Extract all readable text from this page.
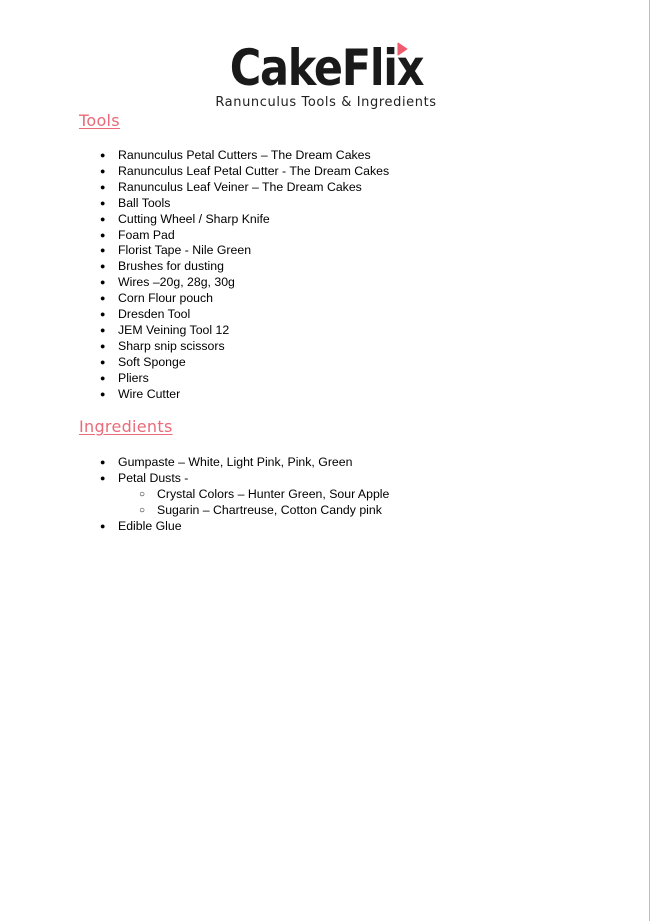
CakeFlix
Ranunculus Tools & Ingredients
Tools
● Ranunculus Petal Cutters – The Dream Cakes
● Ranunculus Leaf Petal Cutter - The Dream Cakes
● Ranunculus Leaf Veiner – The Dream Cakes
● Ball Tools
● Cutting Wheel / Sharp Knife
● Foam Pad
● Florist Tape - Nile Green
● Brushes for dusting
● Wires –20g, 28g, 30g
● Corn Flour pouch
● Dresden Tool
● JEM Veining Tool 12
● Sharp snip scissors
● Soft Sponge
● Pliers
● Wire Cutter
Ingredients
● Gumpaste – White, Light Pink, Pink, Green
● Petal Dusts -
○ Crystal Colors – Hunter Green, Sour Apple
○ Sugarin – Chartreuse, Cotton Candy pink
● Edible Glue
